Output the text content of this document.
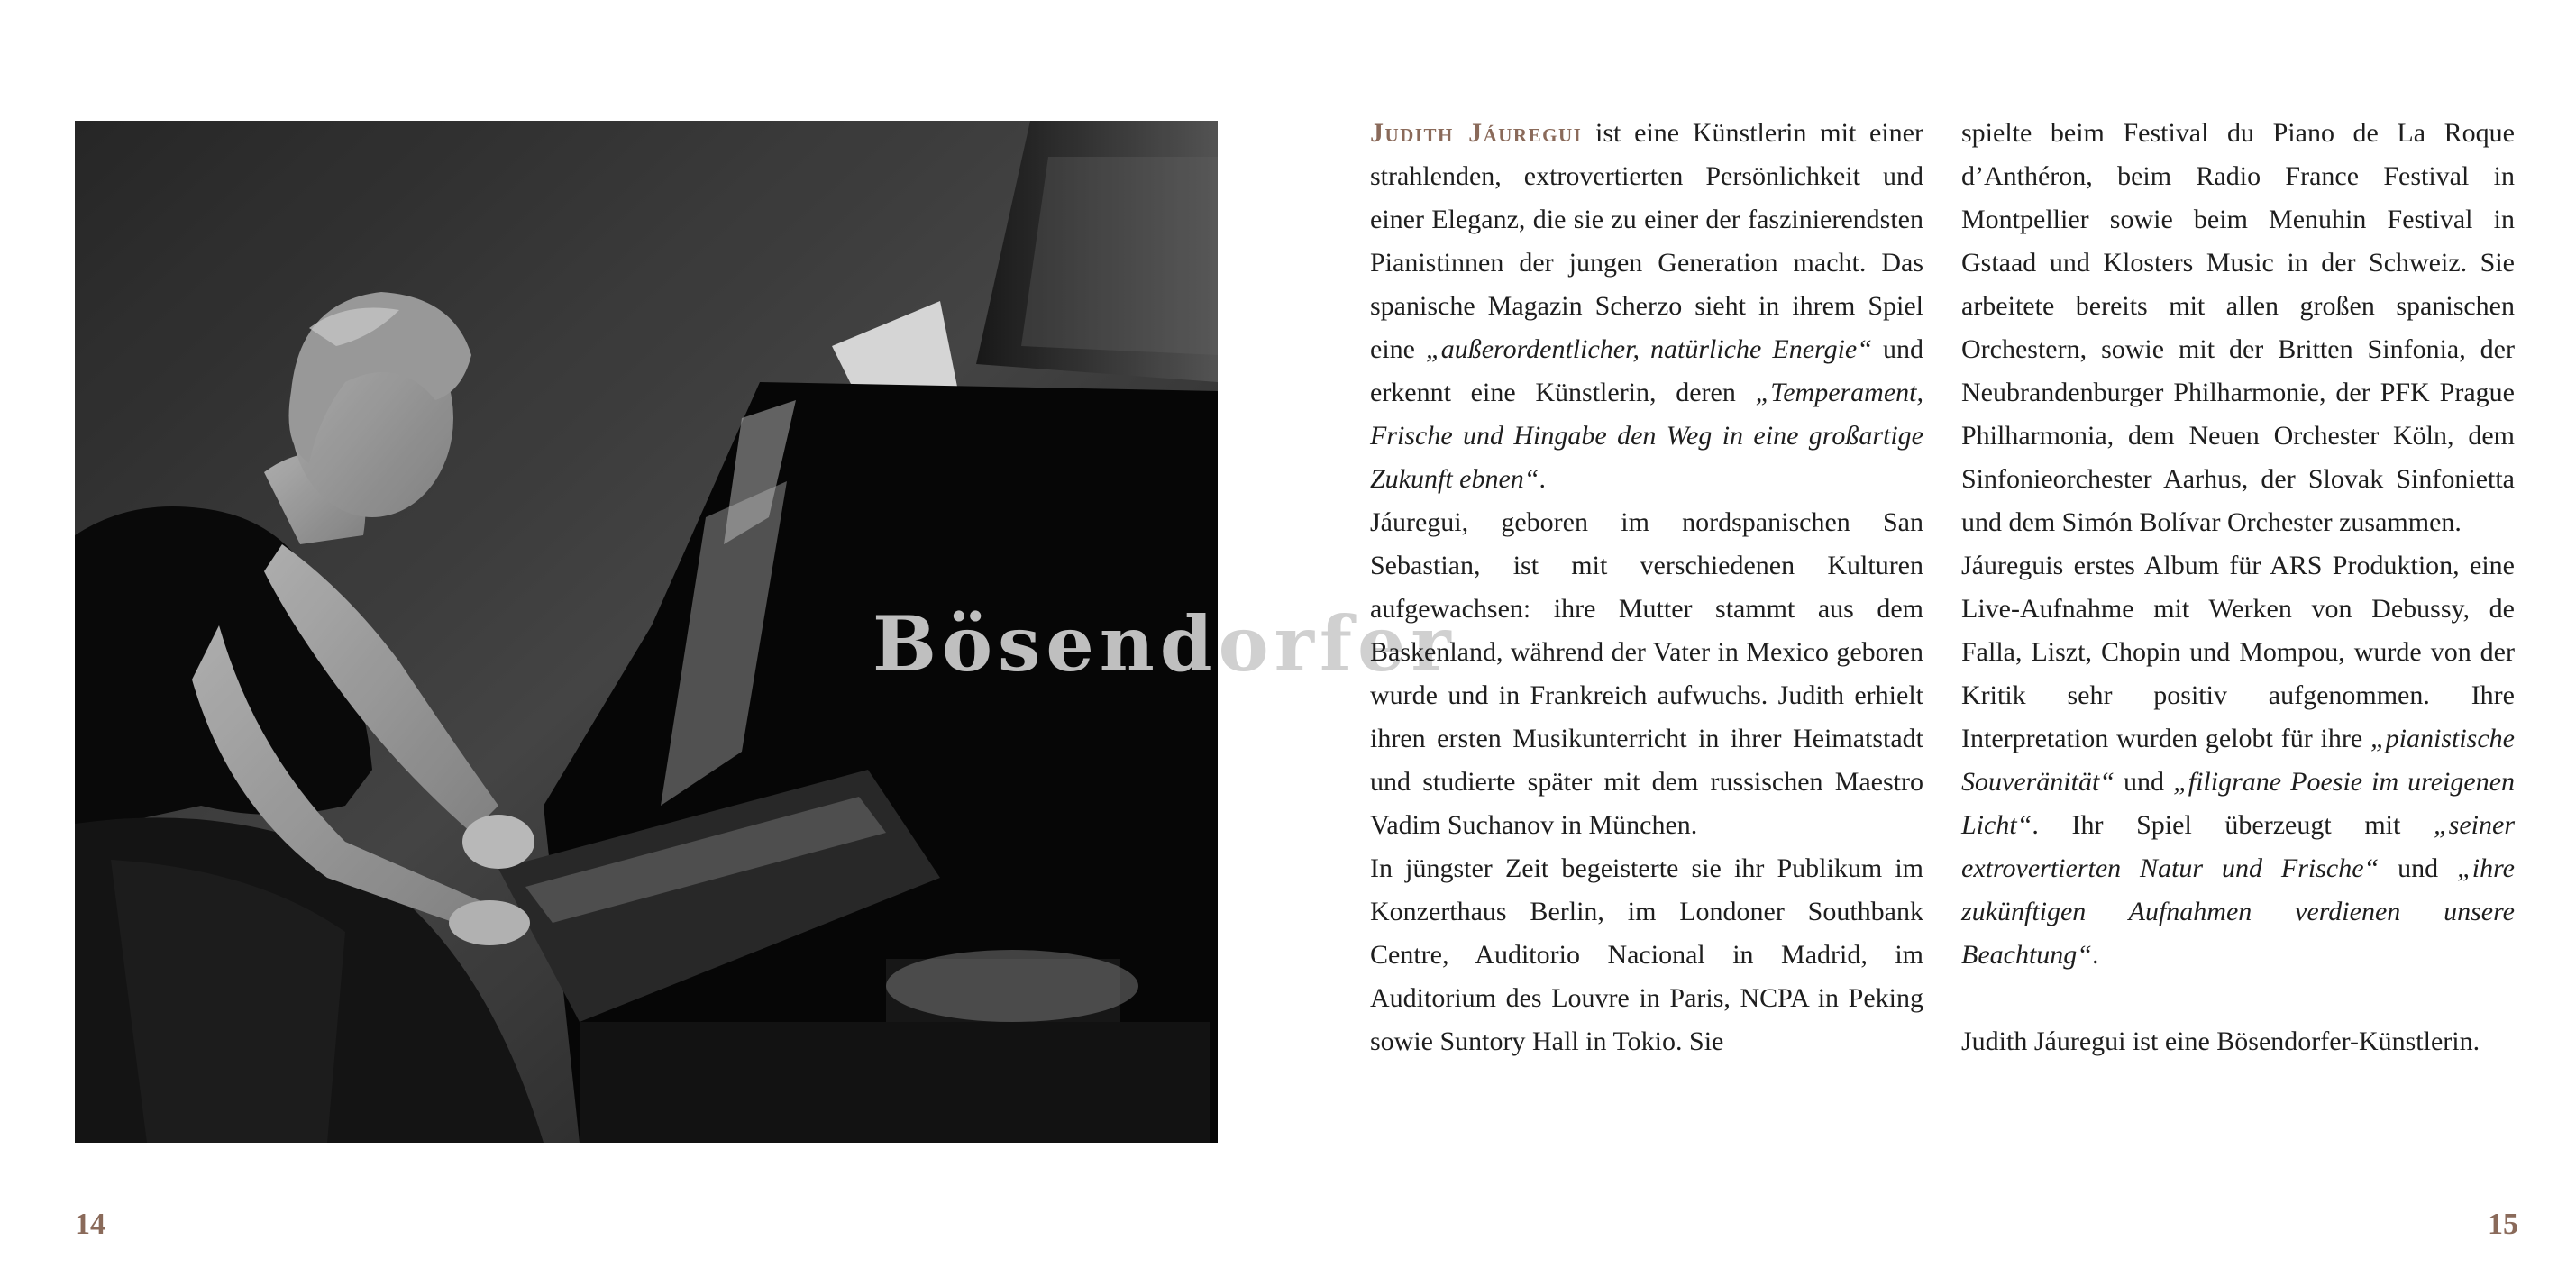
Bösendorfer

Judith Jáuregui ist eine Künstlerin mit einer strahlenden, extrovertierten Persönlichkeit und einer Eleganz, die sie zu einer der faszinierendsten Pianistinnen der jungen Generation macht. Das spanische Magazin Scherzo sieht in ihrem Spiel eine „außerordentlicher, natürliche Energie“ und erkennt eine Künstlerin, deren „Temperament, Frische und Hingabe den Weg in eine großartige Zukunft ebnen“.

Jáuregui, geboren im nordspanischen San Sebastian, ist mit verschiedenen Kulturen aufgewachsen: ihre Mutter stammt aus dem Baskenland, während der Vater in Mexico geboren wurde und in Frankreich aufwuchs. Judith erhielt ihren ersten Musikunterricht in ihrer Heimatstadt und studierte später mit dem russischen Maestro Vadim Suchanov in München.

In jüngster Zeit begeisterte sie ihr Publikum im Konzerthaus Berlin, im Londoner Southbank Centre, Auditorio Nacional in Madrid, im Auditorium des Louvre in Paris, NCPA in Peking sowie Suntory Hall in Tokio. Sie

spielte beim Festival du Piano de La Roque d’Anthéron, beim Radio France Festival in Montpellier sowie beim Menuhin Festival in Gstaad und Klosters Music in der Schweiz. Sie arbeitete bereits mit allen großen spanischen Orchestern, sowie mit der Britten Sinfonia, der Neubrandenburger Philharmonie, der PFK Prague Philharmonia, dem Neuen Orchester Köln, dem Sinfonieorchester Aarhus, der Slovak Sinfonietta und dem Simón Bolívar Orchester zusammen.

Jáureguis erstes Album für ARS Produktion, eine Live-Aufnahme mit Werken von Debussy, de Falla, Liszt, Chopin und Mompou, wurde von der Kritik sehr positiv aufgenommen. Ihre Interpretation wurden gelobt für ihre „pianistische Souveränität“ und „filigrane Poesie im ureigenen Licht“. Ihr Spiel überzeugt mit „seiner extrovertierten Natur und Frische“ und „ihre zukünftigen Aufnahmen verdienen unsere Beachtung“.

Judith Jáuregui ist eine Bösendorfer-Künstlerin.

14	15
